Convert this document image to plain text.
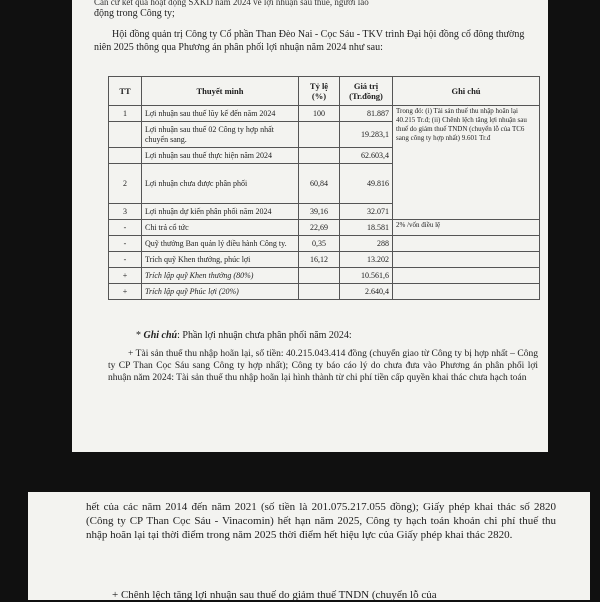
Căn cứ kết quả hoạt động SXKD năm 2024 về lợi nhuận sau thuế, người lao
động trong Công ty;
Hội đồng quản trị Công ty Cổ phần Than Đèo Nai - Cọc Sáu - TKV trình Đại hội đồng cổ đông thường niên 2025 thông qua Phương án phân phối lợi nhuận năm 2024 như sau:
TT	Thuyết minh	Tỷ lệ (%)	Giá trị (Tr.đồng)	Ghi chú
1	Lợi nhuận sau thuế lũy kế đến năm 2024	100	81.887	Trong đó: (i) Tài sản thuế thu nhập hoãn lại 40.215 Tr.đ; (ii) Chênh lệch tăng lợi nhuận sau thuế do giảm thuế TNDN (chuyển lỗ của TC6 sang công ty hợp nhất) 9.601 Tr.đ
	Lợi nhuận sau thuế 02 Công ty hợp nhất chuyển sang.		19.283,1	
	Lợi nhuận sau thuế thực hiện năm 2024		62.603,4	
2	Lợi nhuận chưa được phân phối	60,84	49.816	
3	Lợi nhuận dự kiến phân phối năm 2024	39,16	32.071	
-	Chi trả cổ tức	22,69	18.581	2% /vốn điều lệ
-	Quỹ thưởng Ban quản lý điều hành Công ty.	0,35	288	
-	Trích quỹ Khen thưởng, phúc lợi	16,12	13.202	
+	Trích lập quỹ Khen thưởng (80%)		10.561,6	
+	Trích lập quỹ Phúc lợi (20%)		2.640,4	
* Ghi chú: Phần lợi nhuận chưa phân phối năm 2024:
+ Tài sản thuế thu nhập hoãn lại, số tiền: 40.215.043.414 đồng (chuyển giao từ Công ty bị hợp nhất – Công ty CP Than Cọc Sáu sang Công ty hợp nhất); Công ty báo cáo lý do chưa đưa vào Phương án phân phối lợi nhuận năm 2024: Tài sản thuế thu nhập hoãn lại hình thành từ chi phí tiền cấp quyền khai thác chưa hạch toán
hết của các năm 2014 đến năm 2021 (số tiền là 201.075.217.055 đồng); Giấy phép khai thác số 2820 (Công ty CP Than Cọc Sáu - Vinacomin) hết hạn năm 2025, Công ty hạch toán khoản chi phí thuế thu nhập hoãn lại tại thời điểm trong năm 2025 thời điểm hết hiệu lực của Giấy phép khai thác 2820.
+ Chênh lệch tăng lợi nhuận sau thuế do giảm thuế TNDN (chuyển lỗ của
